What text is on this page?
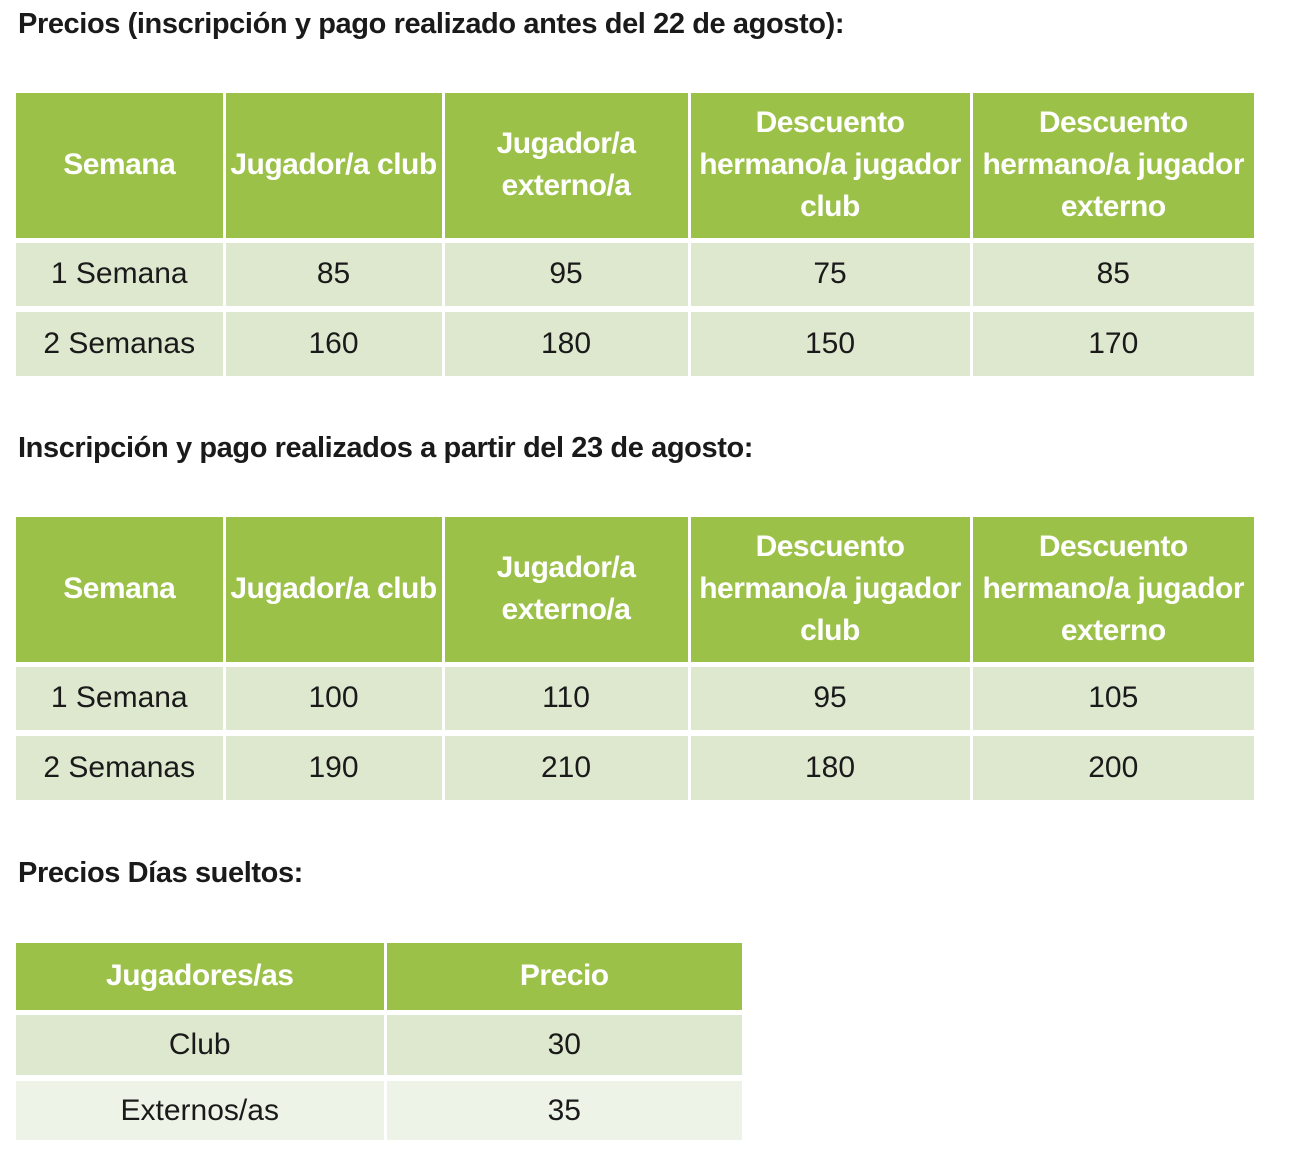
Precios (inscripción y pago realizado antes del 22 de agosto):
Semana	Jugador/a club	Jugador/a externo/a	Descuento hermano/a jugador club	Descuento hermano/a jugador externo
1 Semana	85	95	75	85
2 Semanas	160	180	150	170
Inscripción y pago realizados a partir del 23 de agosto:
Semana	Jugador/a club	Jugador/a externo/a	Descuento hermano/a jugador club	Descuento hermano/a jugador externo
1 Semana	100	110	95	105
2 Semanas	190	210	180	200
Precios Días sueltos:
Jugadores/as	Precio
Club	30
Externos/as	35
